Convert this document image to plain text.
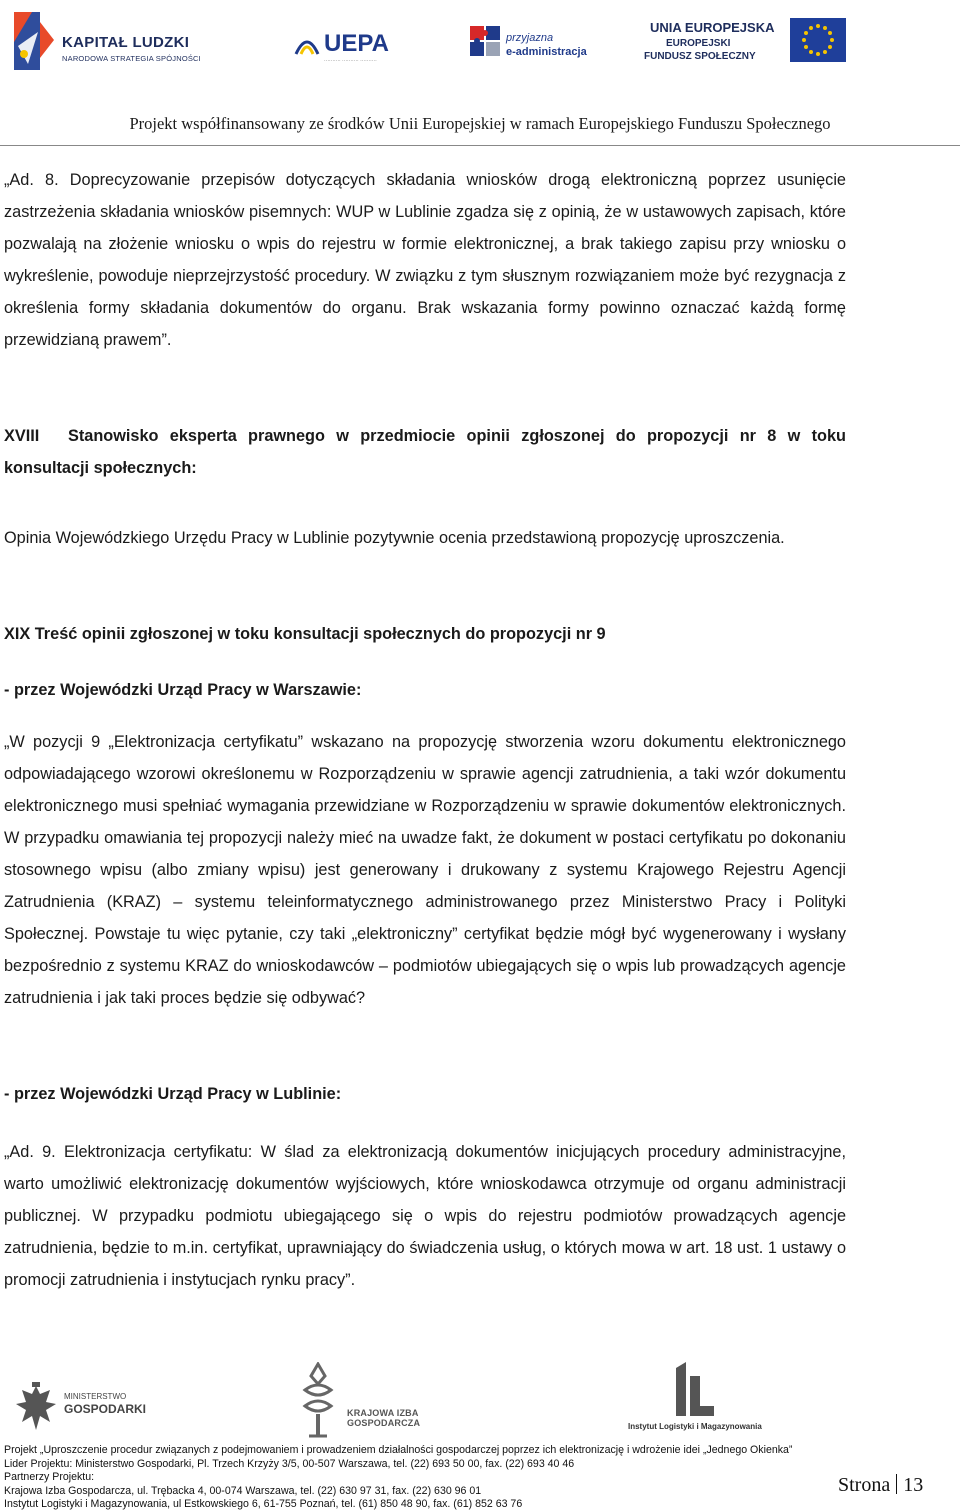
KAPITAŁ LUDZKI
NARODOWA STRATEGIA SPÓJNOŚCI
UEPA
·········· ·········· ··········
przyjazna
e-administracja
UNIA EUROPEJSKA
EUROPEJSKI
FUNDUSZ SPOŁECZNY
Projekt współfinansowany ze środków Unii Europejskiej w ramach Europejskiego Funduszu Społecznego

„Ad. 8. Doprecyzowanie przepisów dotyczących składania wniosków drogą elektroniczną poprzez usunięcie zastrzeżenia składania wniosków pisemnych: WUP w Lublinie zgadza się z opinią, że w ustawowych zapisach, które pozwalają na złożenie wniosku o wpis do rejestru w formie elektronicznej, a brak takiego zapisu przy wniosku o wykreślenie, powoduje nieprzejrzystość procedury. W związku z tym słusznym rozwiązaniem może być rezygnacja z określenia formy składania dokumentów do organu. Brak wskazania formy powinno oznaczać każdą formę przewidzianą prawem”.

XVIII	Stanowisko eksperta prawnego w przedmiocie opinii zgłoszonej do propozycji nr 8 w toku konsultacji społecznych:

Opinia Wojewódzkiego Urzędu Pracy w Lublinie pozytywnie ocenia przedstawioną propozycję uproszczenia.

XIX Treść opinii zgłoszonej w toku konsultacji społecznych do propozycji nr 9

- przez Wojewódzki Urząd Pracy w Warszawie:

„W pozycji 9 „Elektronizacja certyfikatu” wskazano na propozycję stworzenia wzoru dokumentu elektronicznego odpowiadającego wzorowi określonemu w Rozporządzeniu w sprawie agencji zatrudnienia, a taki wzór dokumentu elektronicznego musi spełniać wymagania przewidziane w Rozporządzeniu w sprawie dokumentów elektronicznych. W przypadku omawiania tej propozycji należy mieć na uwadze fakt, że dokument w postaci certyfikatu po dokonaniu stosownego wpisu (albo zmiany wpisu) jest generowany i drukowany z systemu Krajowego Rejestru Agencji Zatrudnienia (KRAZ) – systemu teleinformatycznego administrowanego przez Ministerstwo Pracy i Polityki Społecznej. Powstaje tu więc pytanie, czy taki „elektroniczny” certyfikat będzie mógł być wygenerowany i wysłany bezpośrednio z systemu KRAZ do wnioskodawców – podmiotów ubiegających się o wpis lub prowadzących agencje zatrudnienia i jak taki proces będzie się odbywać?

- przez Wojewódzki Urząd Pracy w Lublinie:

„Ad. 9. Elektronizacja certyfikatu: W ślad za elektronizacją dokumentów inicjujących procedury administracyjne, warto umożliwić elektronizację dokumentów wyjściowych, które wnioskodawca otrzymuje od organu administracji publicznej. W przypadku podmiotu ubiegającego się o wpis do rejestru podmiotów prowadzących agencje zatrudnienia, będzie to m.in. certyfikat, uprawniający do świadczenia usług, o których mowa w art. 18 ust. 1 ustawy o promocji zatrudnienia i instytucjach rynku pracy”.

MINISTERSTWO
GOSPODARKI	KRAJOWA IZBA GOSPODARCZA	Instytut Logistyki i Magazynowania
Projekt „Uproszczenie procedur związanych z podejmowaniem i prowadzeniem działalności gospodarczej poprzez ich elektronizację i wdrożenie idei „Jednego Okienka”
Lider Projektu: Ministerstwo Gospodarki, Pl. Trzech Krzyży 3/5, 00-507 Warszawa, tel. (22) 693 50 00, fax. (22) 693 40 46
Partnerzy Projektu:
Krajowa Izba Gospodarcza, ul. Trębacka 4, 00-074 Warszawa, tel. (22) 630 97 31, fax. (22) 630 96 01
Instytut Logistyki i Magazynowania, ul Estkowskiego 6, 61-755 Poznań, tel. (61) 850 48 90, fax. (61) 852 63 76
Strona 13
